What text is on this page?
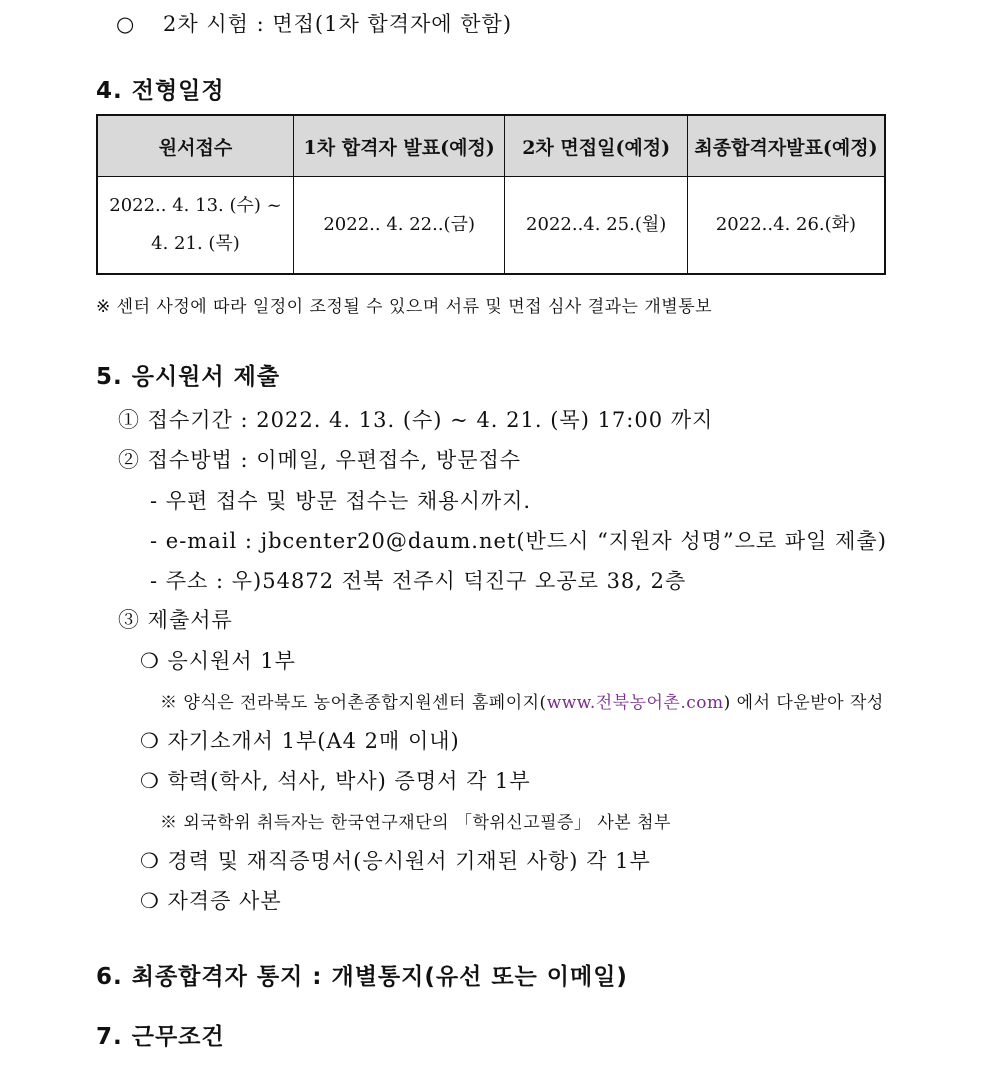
○ 2차 시험 : 면접(1차 합격자에 한함)
4. 전형일정
원서접수	1차 합격자 발표(예정)	2차 면접일(예정)	최종합격자발표(예정)

2022.. 4. 13. (수) ~
4. 21. (목)	2022.. 4. 22..(금)	2022..4. 25.(월)	2022..4. 26.(화)
※ 센터 사정에 따라 일정이 조정될 수 있으며 서류 및 면접 심사 결과는 개별통보
5. 응시원서 제출
① 접수기간 : 2022. 4. 13. (수) ~ 4. 21. (목) 17:00 까지
② 접수방법 : 이메일, 우편접수, 방문접수
- 우편 접수 및 방문 접수는 채용시까지.
- e-mail : jbcenter20@daum.net(반드시 “지원자 성명”으로 파일 제출)
- 주소 : 우)54872 전북 전주시 덕진구 오공로 38, 2층
③ 제출서류
❍ 응시원서 1부
※ 양식은 전라북도 농어촌종합지원센터 홈페이지(www.전북농어촌.com) 에서 다운받아 작성
❍ 자기소개서 1부(A4 2매 이내)
❍ 학력(학사, 석사, 박사) 증명서 각 1부
※ 외국학위 취득자는 한국연구재단의 「학위신고필증」 사본 첨부
❍ 경력 및 재직증명서(응시원서 기재된 사항) 각 1부
❍ 자격증 사본
6. 최종합격자 통지 : 개별통지(유선 또는 이메일)
7. 근무조건
